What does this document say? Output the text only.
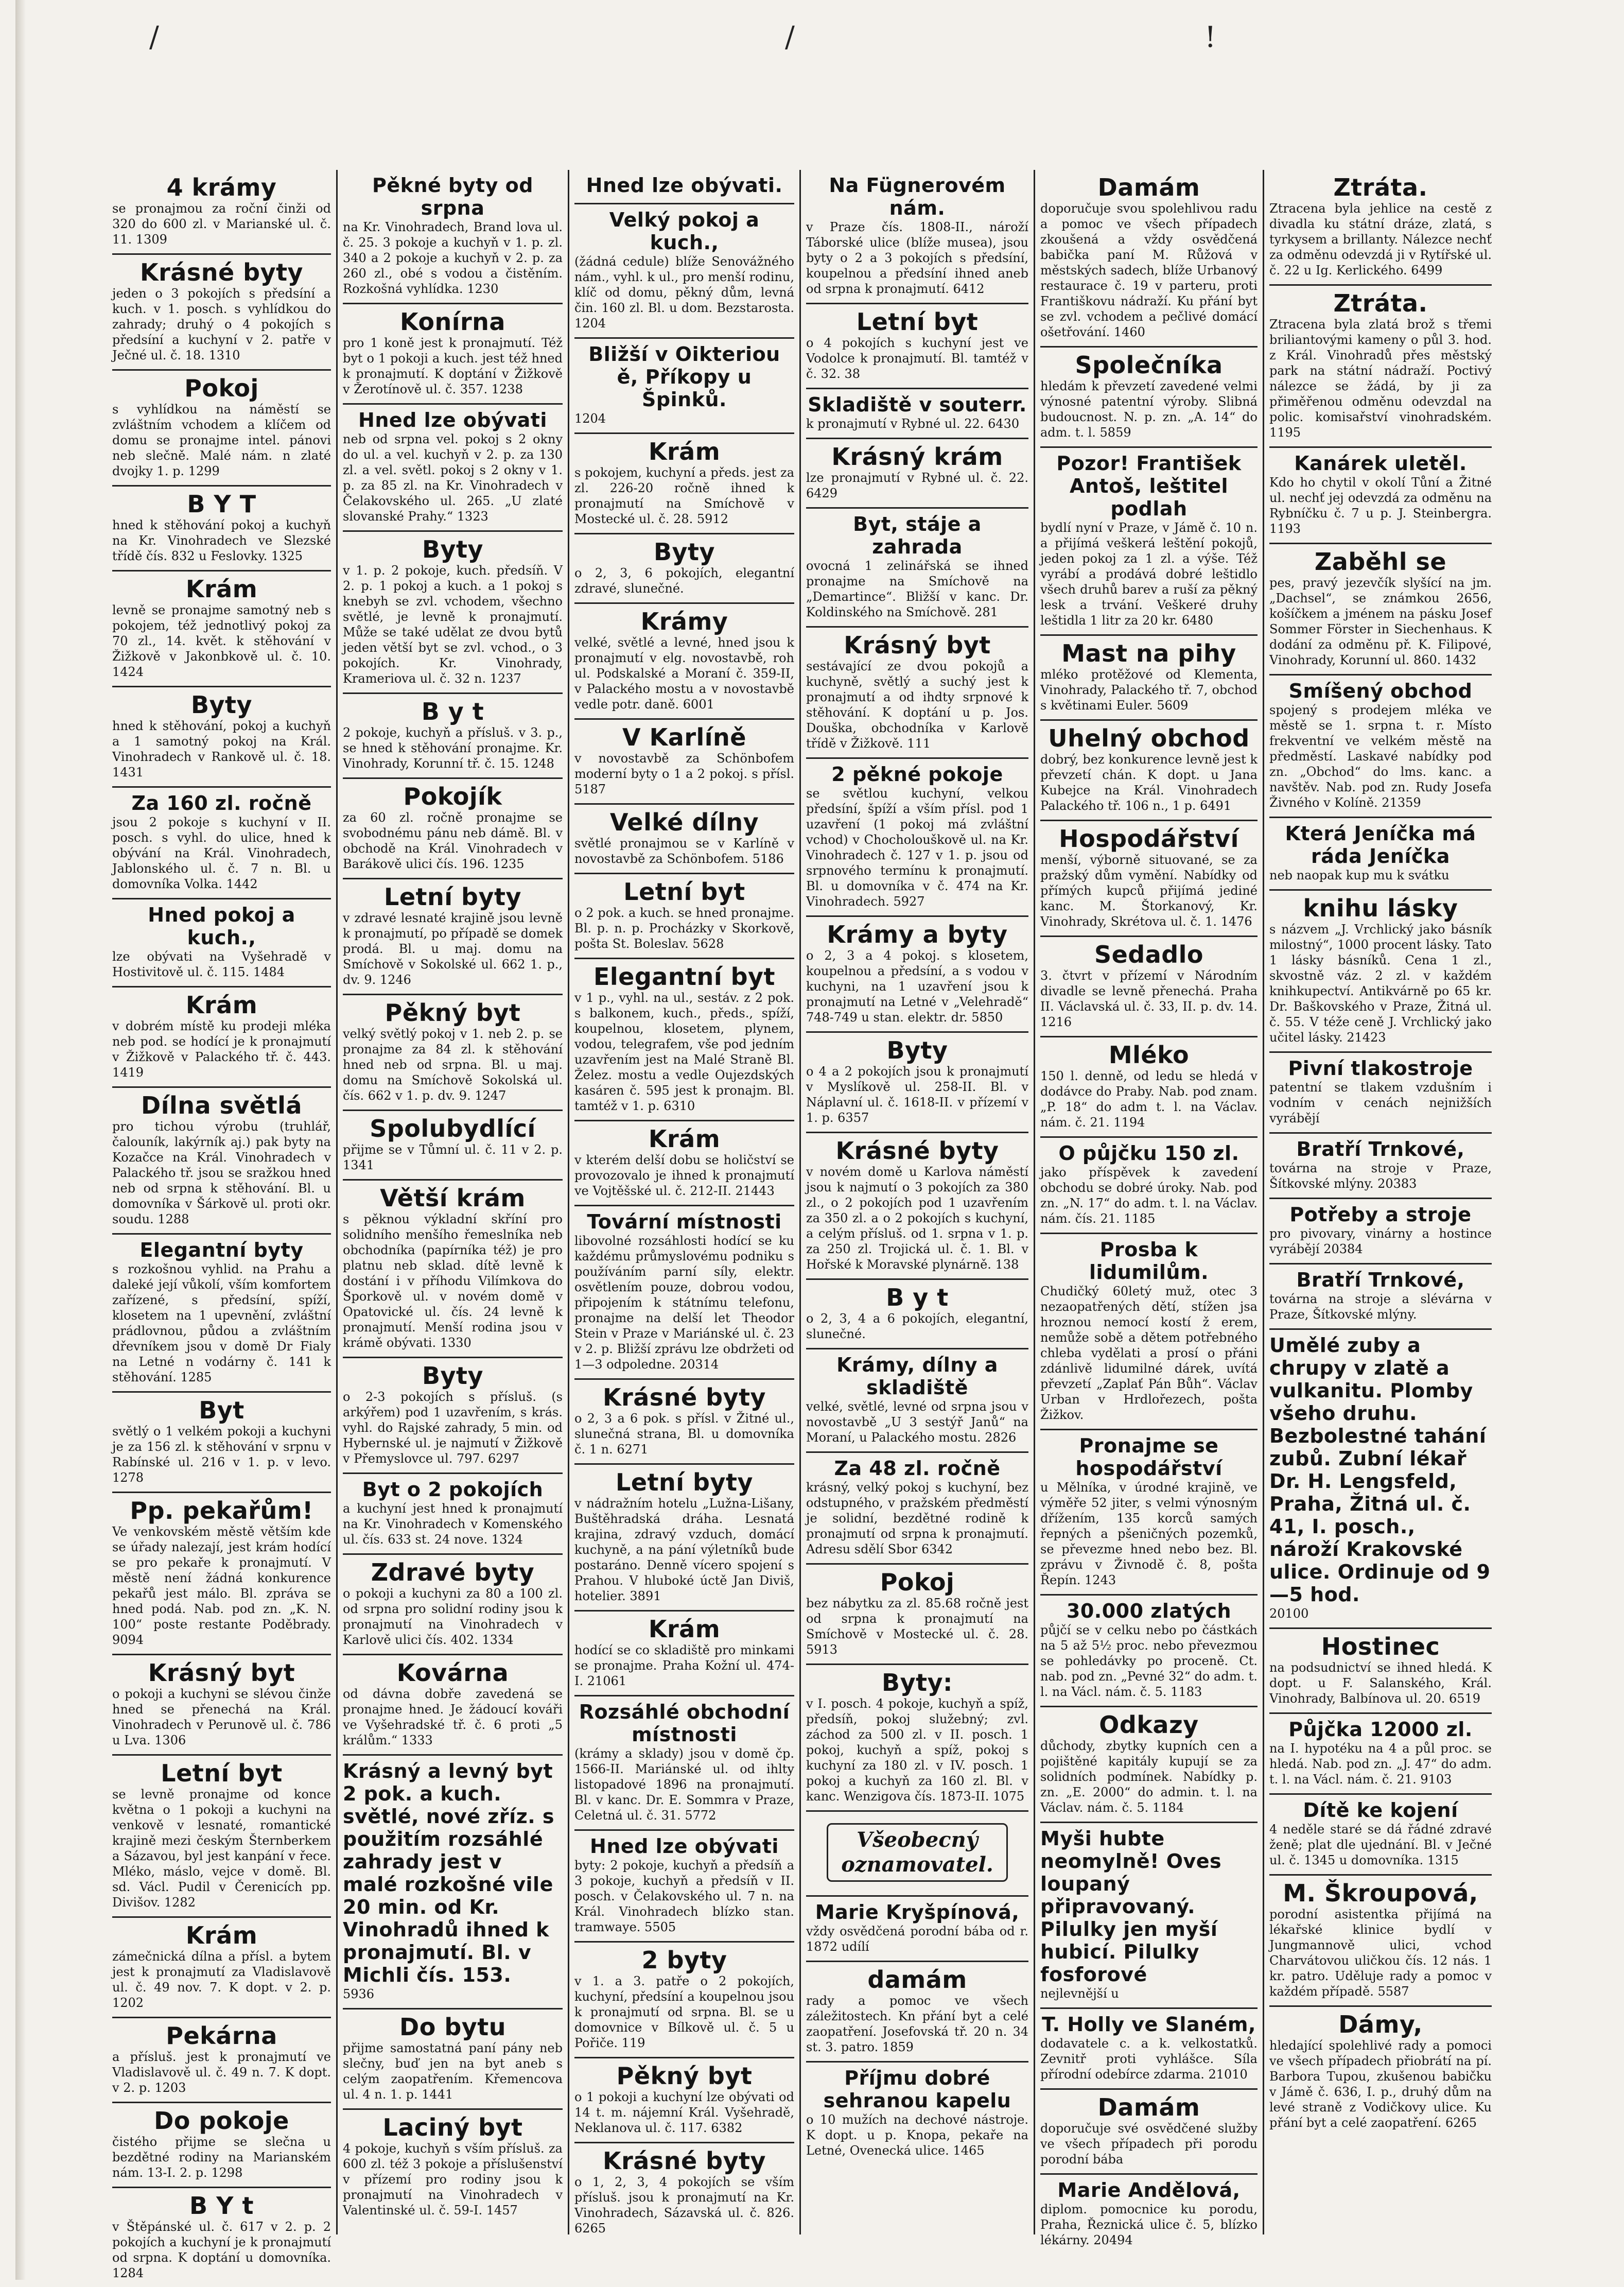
/	/	!
4 krámy
se pronajmou za roční činži od 320 do 600 zl. v Marianské ul. č. 11. 1309
Krásné byty
jeden o 3 pokojích s předsíní a kuch. v 1. posch. s vyhlídkou do zahrady; druhý o 4 pokojích s předsíní a kuchyní v 2. patře v Ječné ul. č. 18. 1310
Pokoj
s vyhlídkou na náměstí se zvláštním vchodem a klíčem od domu se pronajme intel. pánovi neb slečně. Malé nám. n zlaté dvojky 1. p. 1299
B Y T
hned k stěhování pokoj a kuchyň na Kr. Vinohradech ve Slezské třídě čís. 832 u Feslovky. 1325
Krám
levně se pronajme samotný neb s pokojem, též jednotlivý pokoj za 70 zl., 14. květ. k stěhování v Žižkově v Jakonbkově ul. č. 10. 1424
Byty
hned k stěhování, pokoj a kuchyň a 1 samotný pokoj na Král. Vinohradech v Rankově ul. č. 18. 1431
Za 160 zl. ročně
jsou 2 pokoje s kuchyní v II. posch. s vyhl. do ulice, hned k obývání na Král. Vinohradech, Jablonského ul. č. 7 n. Bl. u domovníka Volka. 1442
Hned pokoj a kuch.,
lze obývati na Vyšehradě v Hostivitově ul. č. 115. 1484
Krám
v dobrém místě ku prodeji mléka neb pod. se hodící je k pronajmutí v Žižkově v Palackého tř. č. 443. 1419
Dílna světlá
pro tichou výrobu (truhlář, čalouník, lakýrník aj.) pak byty na Kozačce na Král. Vinohradech v Palackého tř. jsou se sražkou hned neb od srpna k stěhování. Bl. u domovníka v Šárkově ul. proti okr. soudu. 1288
Elegantní byty
s rozkošnou vyhlid. na Prahu a daleké její vůkolí, vším komfortem zařízené, s předsíní, spíží, klosetem na 1 upevnění, zvláštní prádlovnou, půdou a zvláštním dřevníkem jsou v domě Dr Fialy na Letné n vodárny č. 141 k stěhování. 1285
Byt
světlý o 1 velkém pokoji a kuchyni je za 156 zl. k stěhování v srpnu v Rabínské ul. 216 v 1. p. v levo. 1278
Pp. pekařům!
Ve venkovském městě větším kde se úřady nalezají, jest krám hodící se pro pekaře k pronajmutí. V městě není žádná konkurence pekařů jest málo. Bl. zpráva se hned podá. Nab. pod zn. „K. N. 100“ poste restante Poděbrady. 9094
Krásný byt
o pokoji a kuchyni se slévou činže hned se přenechá na Král. Vinohradech v Perunově ul. č. 786 u Lva. 1306
Letní byt
se levně pronajme od konce května o 1 pokoji a kuchyni na venkově v lesnaté, romantické krajině mezi českým Šternberkem a Sázavou, byl jest kanpání v řece. Mléko, máslo, vejce v domě. Bl. sd. Václ. Pudil v Čerenicích pp. Divišov. 1282
Krám
zámečnická dílna a přísl. a bytem jest k pronajmutí za Vladislavově ul. č. 49 nov. 7. K dopt. v 2. p. 1202
Pekárna
a přísluš. jest k pronajmutí ve Vladislavově ul. č. 49 n. 7. K dopt. v 2. p. 1203
Do pokoje
čistého přijme se slečna u bezdětné rodiny na Marianském nám. 13-I. 2. p. 1298
B Y t
v Štěpánské ul. č. 617 v 2. p. 2 pokojích a kuchyní je k pronajmutí od srpna. K doptání u domovníka. 1284
Pěkné byty od srpna
na Kr. Vinohradech, Brand lova ul. č. 25. 3 pokoje a kuchyň v 1. p. zl. 340 a 2 pokoje a kuchyň v 2. p. za 260 zl., obé s vodou a čistěním. Rozkošná vyhlídka. 1230
Konírna
pro 1 koně jest k pronajmutí. Též byt o 1 pokoji a kuch. jest též hned k pronajmutí. K doptání v Žižkově v Žerotínově ul. č. 357. 1238
Hned lze obývati
neb od srpna vel. pokoj s 2 okny do ul. a vel. kuchyň v 2. p. za 130 zl. a vel. světl. pokoj s 2 okny v 1. p. za 85 zl. na Kr. Vinohradech v Čelakovského ul. 265. „U zlaté slovanské Prahy.“ 1323
Byty
v 1. p. 2 pokoje, kuch. předsíň. V 2. p. 1 pokoj a kuch. a 1 pokoj s knebyh se zvl. vchodem, všechno světlé, je levně k pronajmutí. Může se také udělat ze dvou bytů jeden větší byt se zvl. vchod., o 3 pokojích. Kr. Vinohrady, Krameriova ul. č. 32 n. 1237
B y t
2 pokoje, kuchyň a přísluš. v 3. p., se hned k stěhování pronajme. Kr. Vinohrady, Korunní tř. č. 15. 1248
Pokojík
za 60 zl. ročně pronajme se svobodnému pánu neb dámě. Bl. v obchodě na Král. Vinohradech v Barákově ulici čís. 196. 1235
Letní byty
v zdravé lesnaté krajině jsou levně k pronajmutí, po případě se domek prodá. Bl. u maj. domu na Smíchově v Sokolské ul. 662 1. p., dv. 9. 1246
Pěkný byt
velký světlý pokoj v 1. neb 2. p. se pronajme za 84 zl. k stěhování hned neb od srpna. Bl. u maj. domu na Smíchově Sokolská ul. čís. 662 v 1. p. dv. 9. 1247
Spolubydlící
přijme se v Tůmní ul. č. 11 v 2. p. 1341
Větší krám
s pěknou výkladní skříní pro solidního menšího řemeslníka neb obchodníka (papírníka též) je pro platnu neb sklad. dítě levně k dostání i v příhodu Vilímkova do Šporkově ul. v novém domě v Opatovické ul. čís. 24 levně k pronajmutí. Menší rodina jsou v krámě obývati. 1330
Byty
o 2-3 pokojích s přísluš. (s arkýřem) pod 1 uzavřením, s krás. vyhl. do Rajské zahrady, 5 min. od Hybernské ul. je najmutí v Žižkově v Přemyslovce ul. 797. 6297
Byt o 2 pokojích
a kuchyní jest hned k pronajmutí na Kr. Vinohradech v Komenského ul. čís. 633 st. 24 nove. 1324
Zdravé byty
o pokoji a kuchyni za 80 a 100 zl. od srpna pro solidní rodiny jsou k pronajmutí na Vinohradech v Karlově ulici čís. 402. 1334
Kovárna
od dávna dobře zavedená se pronajme hned. Je žádoucí kováři ve Vyšehradské tř. č. 6 proti „5 králům.“ 1333
Krásný a levný byt 2 pok. a kuch. světlé, nové zříz. s použitím rozsáhlé zahrady jest v malé rozkošné vile 20 min. od Kr. Vinohradů ihned k pronajmutí. Bl. v Michli čís. 153.
5936
Do bytu
přijme samostatná paní pány neb slečny, buď jen na byt aneb s celým zaopatřením. Křemencova ul. 4 n. 1. p. 1441
Laciný byt
4 pokoje, kuchyň s vším přísluš. za 600 zl. též 3 pokoje a příslušenství v přízemí pro rodiny jsou k pronajmutí na Vinohradech v Valentinské ul. č. 59-I. 1457
Hned lze obývati.
Velký pokoj a kuch.,
(žádná cedule) blíže Senovážného nám., vyhl. k ul., pro menší rodinu, klíč od domu, pěkný dům, levná čin. 160 zl. Bl. u dom. Bezstarosta. 1204
Bližší v Oikteriou ě, Příkopy u Špinků.
1204
Krám
s pokojem, kuchyní a předs. jest za zl. 226-20 ročně ihned k pronajmutí na Smíchově v Mostecké ul. č. 28. 5912
Byty
o 2, 3, 6 pokojích, elegantní zdravé, slunečné.
Krámy
velké, světlé a levné, hned jsou k pronajmutí v elg. novostavbě, roh ul. Podskalské a Moraní č. 359-II, v Palackého mostu a v novostavbě vedle potr. daně. 6001
V Karlíně
v novostavbě za Schönbofem moderní byty o 1 a 2 pokoj. s přísl. 5187
Velké dílny
světlé pronajmou se v Karlíně v novostavbě za Schönbofem. 5186
Letní byt
o 2 pok. a kuch. se hned pronajme. Bl. p. n. p. Procházky v Skorkově, pošta St. Boleslav. 5628
Elegantní byt
v 1 p., vyhl. na ul., sestáv. z 2 pok. s balkonem, kuch., předs., spíží, koupelnou, klosetem, plynem, vodou, telegrafem, vše pod jedním uzavřením jest na Malé Straně Bl. Želez. mostu a vedle Oujezdských kasáren č. 595 jest k pronajm. Bl. tamtéž v 1. p. 6310
Krám
v kterém delší dobu se holičství se provozovalo je ihned k pronajmutí ve Vojtěšské ul. č. 212-II. 21443
Tovární místnosti
libovolné rozsáhlosti hodící se ku každému průmyslovému podniku s používáním parní síly, elektr. osvětlením pouze, dobrou vodou, připojením k státnímu telefonu, pronajme na delší let Theodor Stein v Praze v Mariánské ul. č. 23 v 2. p. Bližší zprávu lze obdržeti od 1—3 odpoledne. 20314
Krásné byty
o 2, 3 a 6 pok. s přísl. v Žitné ul., slunečná strana, Bl. u domovníka č. 1 n. 6271
Letní byty
v nádražním hotelu „Lužna-Lišany, Buštěhradská dráha. Lesnatá krajina, zdravý vzduch, domácí kuchyně, a na pání výletníků bude postaráno. Denně vícero spojení s Prahou. V hluboké úctě Jan Diviš, hotelier. 3891
Krám
hodící se co skladiště pro minkami se pronajme. Praha Kožní ul. 474-I. 21061
Rozsáhlé obchodní místnosti
(krámy a sklady) jsou v domě čp. 1566-II. Mariánské ul. od ihlty listopadové 1896 na pronajmutí. Bl. v kanc. Dr. E. Sommra v Praze, Celetná ul. č. 31. 5772
Hned lze obývati
byty: 2 pokoje, kuchyň a předsíň a 3 pokoje, kuchyň a předsíň v II. posch. v Čelakovského ul. 7 n. na Král. Vinohradech blízko stan. tramwaye. 5505
2 byty
v 1. a 3. patře o 2 pokojích, kuchyní, předsíní a koupelnou jsou k pronajmutí od srpna. Bl. se u domovnice v Bílkově ul. č. 5 u Pořiče. 119
Pěkný byt
o 1 pokoji a kuchyní lze obývati od 14 t. m. nájemní Král. Vyšehradě, Neklanova ul. č. 117. 6382
Krásné byty
o 1, 2, 3, 4 pokojích se vším přísluš. jsou k pronajmutí na Kr. Vinohradech, Sázavská ul. č. 826. 6265
Na Fügnerovém nám.
v Praze čís. 1808-II., nároží Táborské ulice (blíže musea), jsou byty o 2 a 3 pokojích s předsíní, koupelnou a předsíní ihned aneb od srpna k pronajmutí. 6412
Letní byt
o 4 pokojích s kuchyní jest ve Vodolce k pronajmutí. Bl. tamtéž v č. 32. 38
Skladiště v souterr.
k pronajmutí v Rybné ul. 22. 6430
Krásný krám
lze pronajmutí v Rybné ul. č. 22. 6429
Byt, stáje a zahrada
ovocná 1 zelinářská se ihned pronajme na Smíchově na „Demartince“. Bližší v kanc. Dr. Koldinského na Smíchově. 281
Krásný byt
sestávající ze dvou pokojů a kuchyně, světlý a suchý jest k pronajmutí a od ihdty srpnové k stěhování. K doptání u p. Jos. Douška, obchodníka v Karlově třídě v Žižkově. 111
2 pěkné pokoje
se světlou kuchyní, velkou předsíní, špíží a vším přísl. pod 1 uzavření (1 pokoj má zvláštní vchod) v Chocholouškově ul. na Kr. Vinohradech č. 127 v 1. p. jsou od srpnového termínu k pronajmutí. Bl. u domovníka v č. 474 na Kr. Vinohradech. 5927
Krámy a byty
o 2, 3 a 4 pokoj. s klosetem, koupelnou a předsíní, a s vodou v kuchyni, na 1 uzavření jsou k pronajmutí na Letné v „Velehradě“ 748-749 u stan. elektr. dr. 5850
Byty
o 4 a 2 pokojích jsou k pronajmutí v Myslíkově ul. 258-II. Bl. v Náplavní ul. č. 1618-II. v přízemí v 1. p. 6357
Krásné byty
v novém domě u Karlova náměstí jsou k najmutí o 3 pokojích za 380 zl., o 2 pokojích pod 1 uzavřením za 350 zl. a o 2 pokojích s kuchyní, a celým přísluš. od 1. srpna v 1. p. za 250 zl. Trojická ul. č. 1. Bl. v Hořské k Moravské plynárně. 138
B y t
o 2, 3, 4 a 6 pokojích, elegantní, slunečné.
Krámy, dílny a skladiště
velké, světlé, levné od srpna jsou v novostavbě „U 3 sestýř Janů“ na Moraní, u Palackého mostu. 2826
Za 48 zl. ročně
krásný, velký pokoj s kuchyní, bez odstupného, v pražském předměstí je solidní, bezdětné rodině k pronajmutí od srpna k pronajmutí. Adresu sdělí Sbor 6342
Pokoj
bez nábytku za zl. 85.68 ročně jest od srpna k pronajmutí na Smíchově v Mostecké ul. č. 28. 5913
Byty:
v I. posch. 4 pokoje, kuchyň a spíž, předsíň, pokoj služebný; zvl. záchod za 500 zl. v II. posch. 1 pokoj, kuchyň a spíž, pokoj s kuchyní za 180 zl. v IV. posch. 1 pokoj a kuchyň za 160 zl. Bl. v kanc. Wenzigova čís. 1873-II. 1075
Všeobecný oznamovatel.
Marie Kryšpínová,
vždy osvědčená porodní bába od r. 1872 udílí
damám
rady a pomoc ve všech záležitostech. Kn přání byt a celé zaopatření. Josefovská tř. 20 n. 34 st. 3. patro. 1859
Příjmu dobré sehranou kapelu
o 10 mužích na dechové nástroje. K dopt. u p. Knopa, pekaře na Letné, Ovenecká ulice. 1465
Damám
doporučuje svou spolehlivou radu a pomoc ve všech případech zkoušená a vždy osvědčená babička paní M. Růžová v městských sadech, blíže Urbanový restaurace č. 19 v parteru, proti Františkovu nádraží. Ku přání byt se zvl. vchodem a pečlivé domácí ošetřování. 1460
Společníka
hledám k převzetí zavedené velmi výnosné patentní výroby. Slibná budoucnost. N. p. zn. „A. 14“ do adm. t. l. 5859
Pozor! František Antoš, leštitel podlah
bydlí nyní v Praze, v Jámě č. 10 n. a přijímá veškerá leštění pokojů, jeden pokoj za 1 zl. a výše. Též vyrábí a prodává dobré leštidlo všech druhů barev a ruší za pěkný lesk a trvání. Veškeré druhy leštidla 1 litr za 20 kr. 6480
Mast na pihy
mléko protěžové od Klementa, Vinohrady, Palackého tř. 7, obchod s květinami Euler. 5609
Uhelný obchod
dobrý, bez konkurence levně jest k převzetí chán. K dopt. u Jana Kubejce na Král. Vinohradech Palackého tř. 106 n., 1 p. 6491
Hospodářství
menší, výborně situované, se za pražský dům vymění. Nabídky od přímých kupců přijímá jediné kanc. M. Štorkanový, Kr. Vinohrady, Skrétova ul. č. 1. 1476
Sedadlo
3. čtvrt v přízemí v Národním divadle se levně přenechá. Praha II. Václavská ul. č. 33, II. p. dv. 14. 1216
Mléko
150 l. denně, od ledu se hledá v dodávce do Praby. Nab. pod znam. „P. 18“ do adm t. l. na Václav. nám. č. 21. 1194
O půjčku 150 zl.
jako příspěvek k zavedení obchodu se dobré úroky. Nab. pod zn. „N. 17“ do adm. t. l. na Václav. nám. čís. 21. 1185
Prosba k lidumilům.
Chudičký 60letý muž, otec 3 nezaopatřených dětí, stížen jsa hroznou nemocí kostí ž erem, nemůže sobě a dětem potřebného chleba vydělati a prosí o přáni zdánlivě lidumilné dárek, uvítá převzetí „Zaplať Pán Bůh“. Václav Urban v Hrdlořezech, pošta Žižkov.
Pronajme se hospodářství
u Mělníka, v úrodné krajině, ve výměře 52 jiter, s velmi výnosným dřížením, 135 korců samých řepných a pšeničných pozemků, se převezme hned nebo bez. Bl. zprávu v Živnodě č. 8, pošta Řepín. 1243
30.000 zlatých
půjčí se v celku nebo po částkách na 5 až 5½ proc. nebo převezmou se pohledávky po proceně. Ct. nab. pod zn. „Pevné 32“ do adm. t. l. na Václ. nám. č. 5. 1183
Odkazy
důchody, zbytky kupních cen a pojištěné kapitály kupují se za solidních podmínek. Nabídky p. zn. „E. 2000“ do admin. t. l. na Václav. nám. č. 5. 1184
Myši hubte neomylně! Oves loupaný připravovaný. Pilulky jen myší hubicí. Pilulky fosforové
nejlevnější u
T. Holly ve Slaném,
dodavatele c. a k. velkostatků. Zevnitř proti vyhlášce. Síla přírodní odebírce zdarma. 21010
Damám
doporučuje své osvědčené služby ve všech případech při porodu porodní bába
Marie Andělová,
diplom. pomocnice ku porodu, Praha, Řeznická ulice č. 5, blízko lékárny. 20494
Ztráta.
Ztracena byla jehlice na cestě z divadla ku státní dráze, zlatá, s tyrkysem a brillanty. Nálezce nechť za odměnu odevzdá ji v Rytířské ul. č. 22 u Ig. Kerlického. 6499
Ztráta.
Ztracena byla zlatá brož s třemi briliantovými kameny o půl 3. hod. z Král. Vinohradů přes městský park na státní nádraží. Poctivý nálezce se žádá, by ji za přiměřenou odměnu odevzdal na polic. komisařství vinohradském. 1195
Kanárek uletěl.
Kdo ho chytil v okolí Tůní a Žitné ul. nechť jej odevzdá za odměnu na Rybníčku č. 7 u p. J. Steinbergra. 1193
Zaběhl se
pes, pravý jezevčík slyšící na jm. „Dachsel“, se známkou 2656, košíčkem a jménem na pásku Josef Sommer Förster in Siechenhaus. K dodání za odměnu př. K. Filipové, Vinohrady, Korunní ul. 860. 1432
Smíšený obchod
spojený s prodejem mléka ve městě se 1. srpna t. r. Místo frekventní ve velkém městě na předměstí. Laskavé nabídky pod zn. „Obchod“ do lms. kanc. a navštěv. Nab. pod zn. Rudy Josefa Živného v Kolíně. 21359
Která Jeníčka má ráda Jeníčka
neb naopak kup mu k svátku
knihu lásky
s názvem „J. Vrchlický jako básník milostný“, 1000 procent lásky. Tato 1 lásky básníků. Cena 1 zl., skvostně váz. 2 zl. v každém knihkupectví. Antikvárně po 65 kr. Dr. Baškovského v Praze, Žitná ul. č. 55. V téže ceně J. Vrchlický jako učitel lásky. 21423
Pivní tlakostroje
patentní se tlakem vzdušním i vodním v cenách nejnižších vyrábějí
Bratří Trnkové,
továrna na stroje v Praze, Šítkovské mlýny. 20383
Potřeby a stroje
pro pivovary, vinárny a hostince vyrábějí 20384
Bratří Trnkové,
továrna na stroje a slévárna v Praze, Šítkovské mlýny.
Umělé zuby a chrupy v zlatě a vulkanitu. Plomby všeho druhu. Bezbolestné tahání zubů. Zubní lékař Dr. H. Lengsfeld, Praha, Žitná ul. č. 41, I. posch., nároží Krakovské ulice. Ordinuje od 9—5 hod.
20100
Hostinec
na podsudnictví se ihned hledá. K dopt. u F. Salanského, Král. Vinohrady, Balbínova ul. 20. 6519
Půjčka 12000 zl.
na I. hypotéku na 4 a půl proc. se hledá. Nab. pod zn. „J. 47“ do adm. t. l. na Václ. nám. č. 21. 9103
Dítě ke kojení
4 neděle staré se dá řádné zdravé ženě; plat dle ujednání. Bl. v Ječné ul. č. 1345 u domovníka. 1315
M. Škroupová,
porodní asistentka přijímá na lékařské klinice bydlí v Jungmannově ulici, vchod Charvátovou uličkou čís. 12 nás. 1 kr. patro. Uděluje rady a pomoc v každém případě. 5587
Dámy,
hledající spolehlivé rady a pomoci ve všech případech přiobrátí na pí. Barbora Tupou, zkušenou babičku v Jámě č. 636, I. p., druhý dům na levé straně z Vodičkovy ulice. Ku přání byt a celé zaopatření. 6265
